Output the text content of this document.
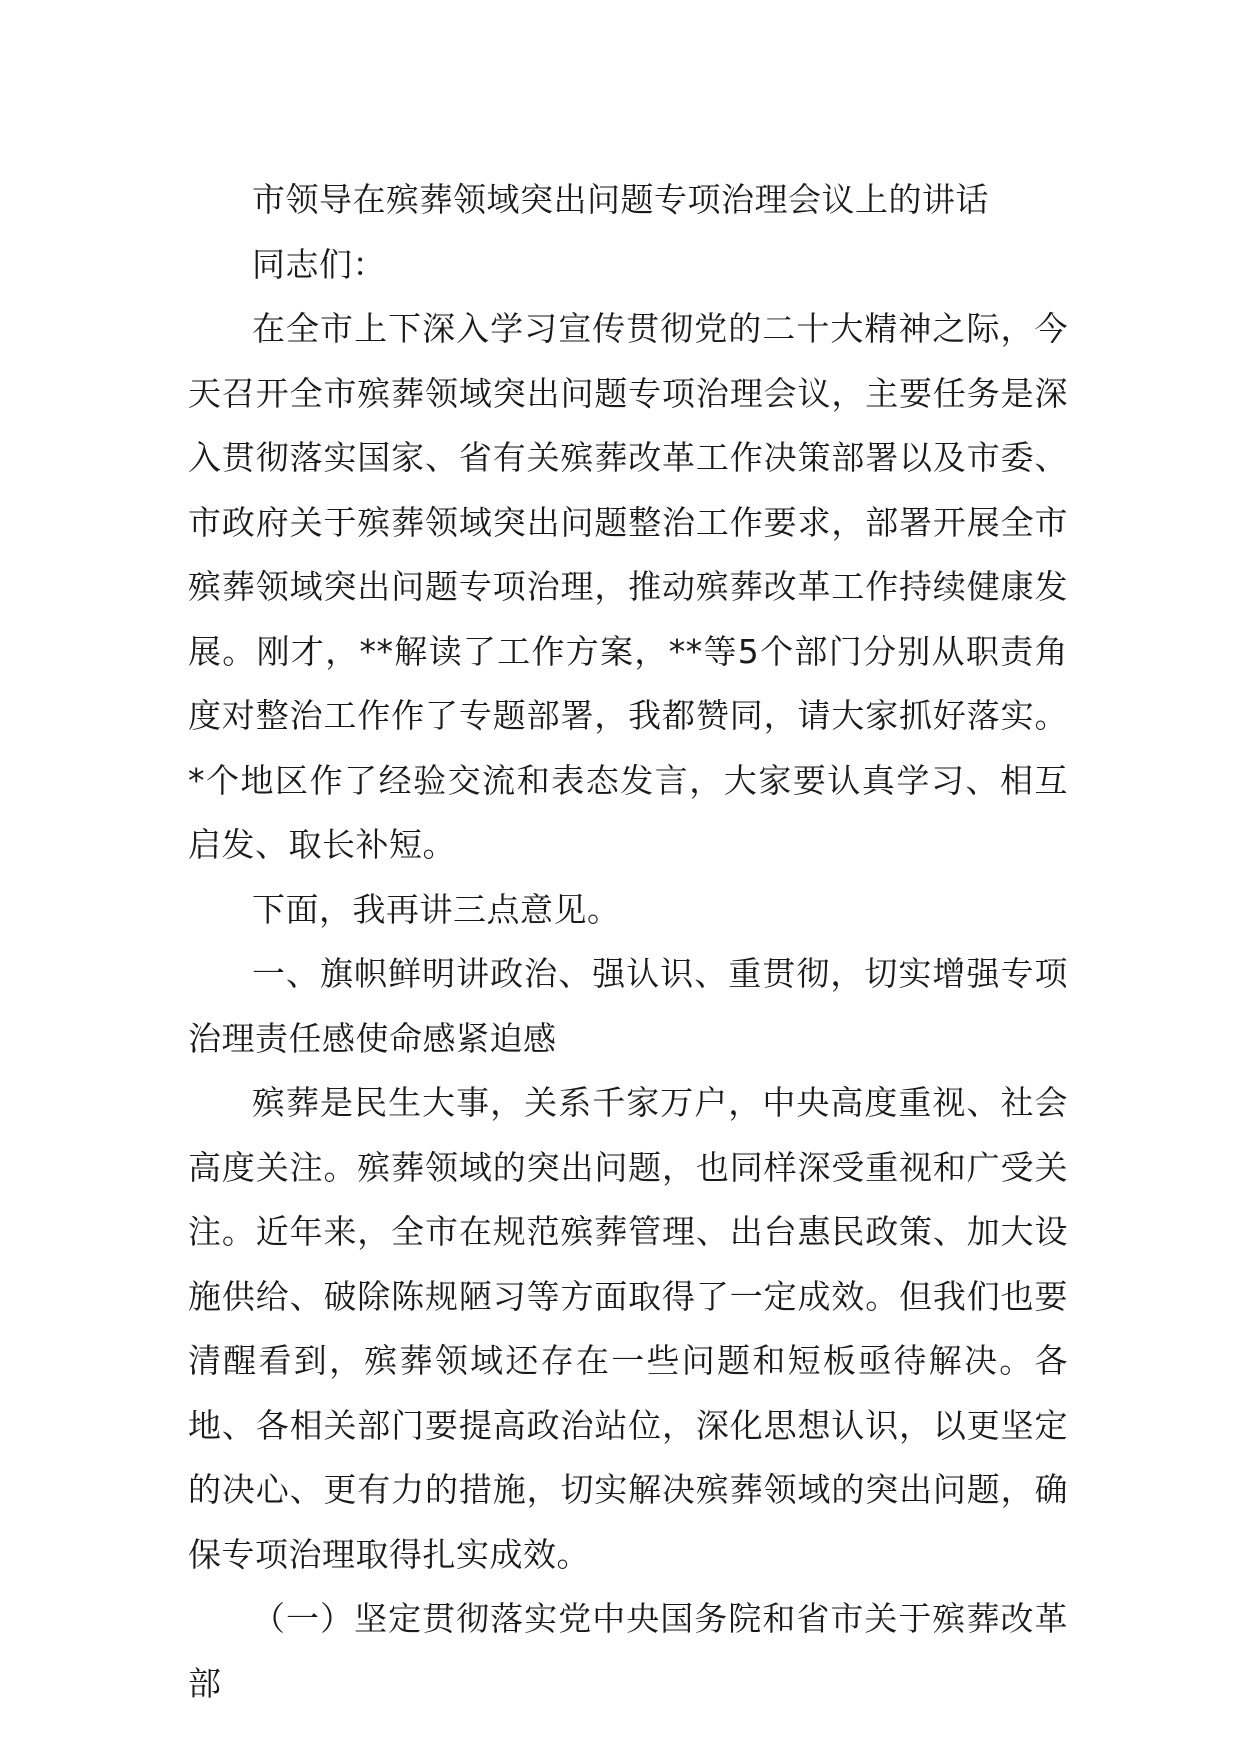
市领导在殡葬领域突出问题专项治理会议上的讲话

同志们：

在全市上下深入学习宣传贯彻党的二十大精神之际，今天召开全市殡葬领域突出问题专项治理会议，主要任务是深入贯彻落实国家、省有关殡葬改革工作决策部署以及市委、市政府关于殡葬领域突出问题整治工作要求，部署开展全市殡葬领域突出问题专项治理，推动殡葬改革工作持续健康发展。刚才，**解读了工作方案，**等5个部门分别从职责角度对整治工作作了专题部署，我都赞同，请大家抓好落实。*个地区作了经验交流和表态发言，大家要认真学习、相互启发、取长补短。

下面，我再讲三点意见。

一、旗帜鲜明讲政治、强认识、重贯彻，切实增强专项治理责任感使命感紧迫感

殡葬是民生大事，关系千家万户，中央高度重视、社会高度关注。殡葬领域的突出问题，也同样深受重视和广受关注。近年来，全市在规范殡葬管理、出台惠民政策、加大设施供给、破除陈规陋习等方面取得了一定成效。但我们也要清醒看到，殡葬领域还存在一些问题和短板亟待解决。各地、各相关部门要提高政治站位，深化思想认识，以更坚定的决心、更有力的措施，切实解决殡葬领域的突出问题，确保专项治理取得扎实成效。

（一）坚定贯彻落实党中央国务院和省市关于殡葬改革部
